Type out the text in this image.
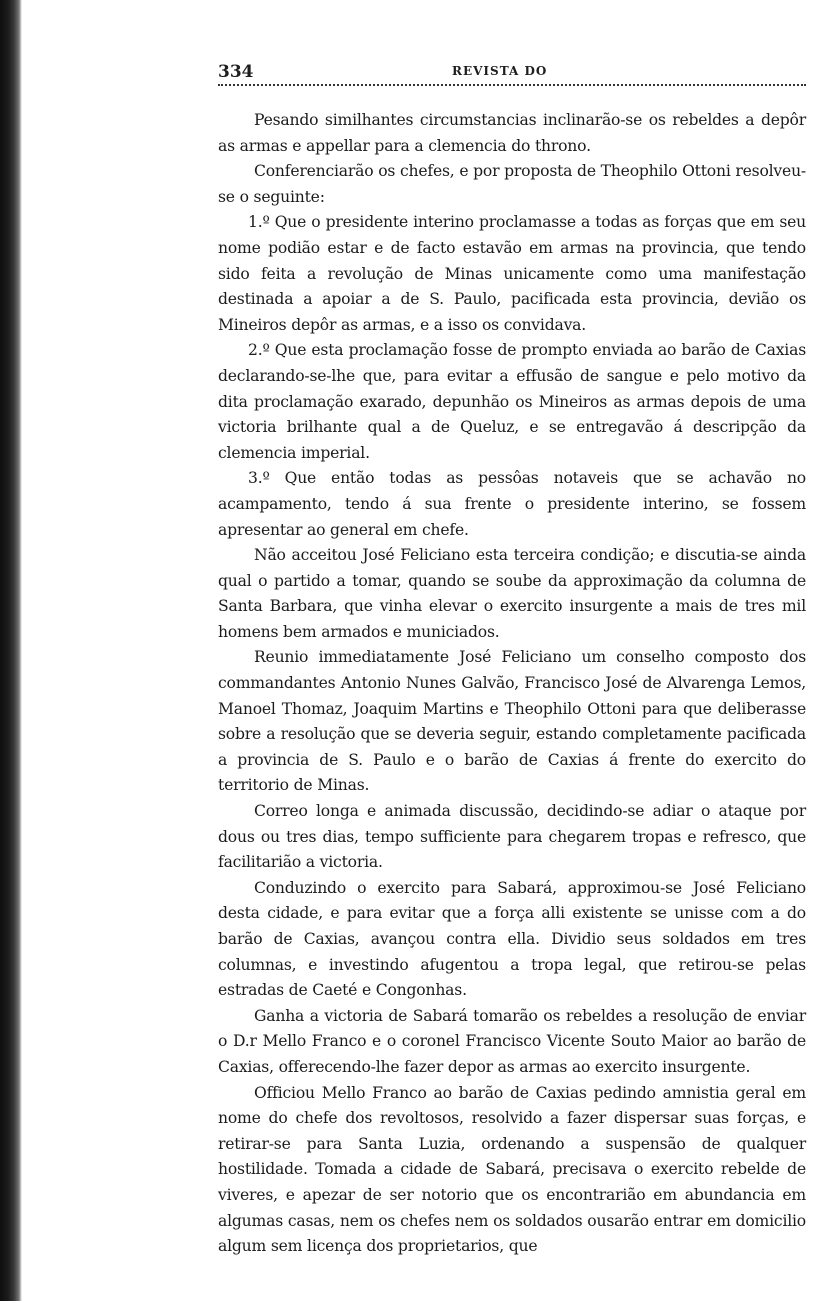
334	REVISTA DO

Pesando similhantes circumstancias inclinarão-se os rebeldes a depôr as armas e appellar para a clemencia do throno.

Conferenciarão os chefes, e por proposta de Theophilo Ottoni resolveu-se o seguinte:

1.º Que o presidente interino proclamasse a todas as forças que em seu nome podião estar e de facto estavão em armas na provincia, que tendo sido feita a revolução de Minas unicamente como uma manifestação destinada a apoiar a de S. Paulo, pacificada esta provincia, devião os Mineiros depôr as armas, e a isso os convidava.

2.º Que esta proclamação fosse de prompto enviada ao barão de Caxias declarando-se-lhe que, para evitar a effusão de sangue e pelo motivo da dita proclamação exarado, depunhão os Mineiros as armas depois de uma victoria brilhante qual a de Queluz, e se entregavão á descripção da clemencia imperial.

3.º Que então todas as pessôas notaveis que se achavão no acampamento, tendo á sua frente o presidente interino, se fossem apresentar ao general em chefe.

Não acceitou José Feliciano esta terceira condição; e discutia-se ainda qual o partido a tomar, quando se soube da approximação da columna de Santa Barbara, que vinha elevar o exercito insurgente a mais de tres mil homens bem armados e municiados.

Reunio immediatamente José Feliciano um conselho composto dos commandantes Antonio Nunes Galvão, Francisco José de Alvarenga Lemos, Manoel Thomaz, Joaquim Martins e Theophilo Ottoni para que deliberasse sobre a resolução que se deveria seguir, estando completamente pacificada a provincia de S. Paulo e o barão de Caxias á frente do exercito do territorio de Minas.

Correo longa e animada discussão, decidindo-se adiar o ataque por dous ou tres dias, tempo sufficiente para chegarem tropas e refresco, que facilitarião a victoria.

Conduzindo o exercito para Sabará, approximou-se José Feliciano desta cidade, e para evitar que a força alli existente se unisse com a do barão de Caxias, avançou contra ella. Dividio seus soldados em tres columnas, e investindo afugentou a tropa legal, que retirou-se pelas estradas de Caeté e Congonhas.

Ganha a victoria de Sabará tomarão os rebeldes a resolução de enviar o D.r Mello Franco e o coronel Francisco Vicente Souto Maior ao barão de Caxias, offerecendo-lhe fazer depor as armas ao exercito insurgente.

Officiou Mello Franco ao barão de Caxias pedindo amnistia geral em nome do chefe dos revoltosos, resolvido a fazer dispersar suas forças, e retirar-se para Santa Luzia, ordenando a suspensão de qualquer hostilidade. Tomada a cidade de Sabará, precisava o exercito rebelde de viveres, e apezar de ser notorio que os encontrarião em abundancia em algumas casas, nem os chefes nem os soldados ousarão entrar em domicilio algum sem licença dos proprietarios, que
